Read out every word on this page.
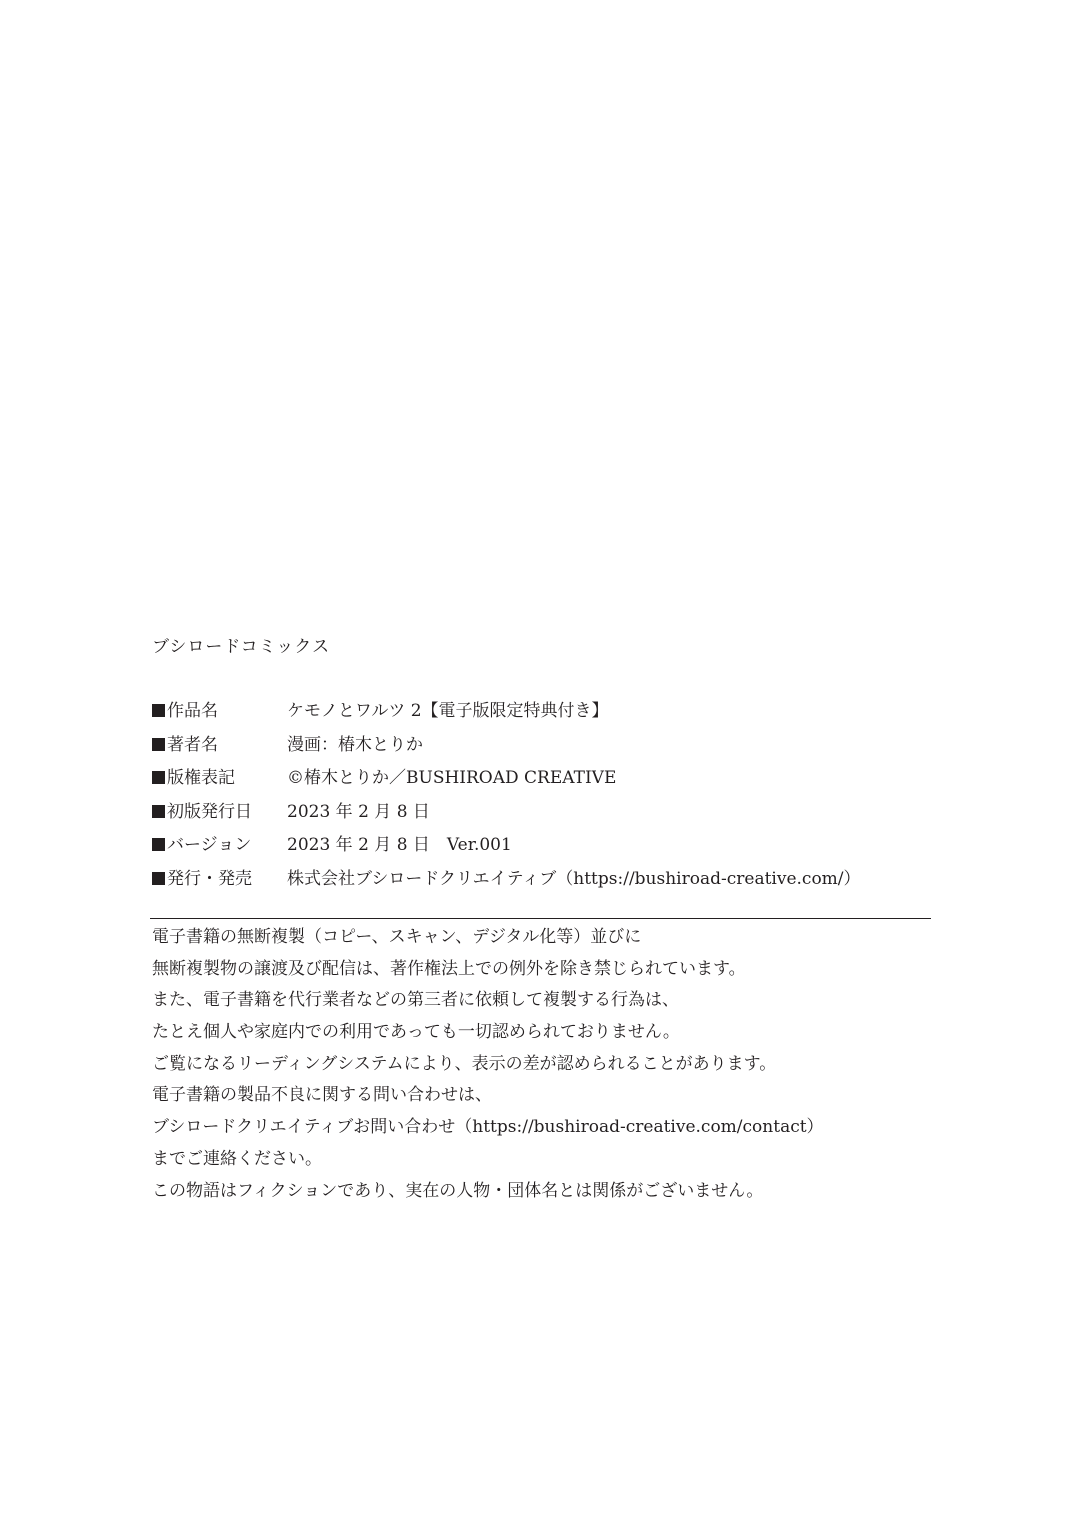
ブシロードコミックス
作品名	ケモノとワルツ 2【電子版限定特典付き】
著者名	漫画：椿木とりか
版権表記	©椿木とりか／BUSHIROAD CREATIVE
初版発行日 2023 年 2 月 8 日
バージョン 2023 年 2 月 8 日　Ver.001
発行・発売 株式会社ブシロードクリエイティブ（https://bushiroad-creative.com/）
電子書籍の無断複製（コピー、スキャン、デジタル化等）並びに
無断複製物の譲渡及び配信は、著作権法上での例外を除き禁じられています。
また、電子書籍を代行業者などの第三者に依頼して複製する行為は、
たとえ個人や家庭内での利用であっても一切認められておりません。
ご覧になるリーディングシステムにより、表示の差が認められることがあります。
電子書籍の製品不良に関する問い合わせは、
ブシロードクリエイティブお問い合わせ（https://bushiroad-creative.com/contact）
までご連絡ください。
この物語はフィクションであり、実在の人物・団体名とは関係がございません。
